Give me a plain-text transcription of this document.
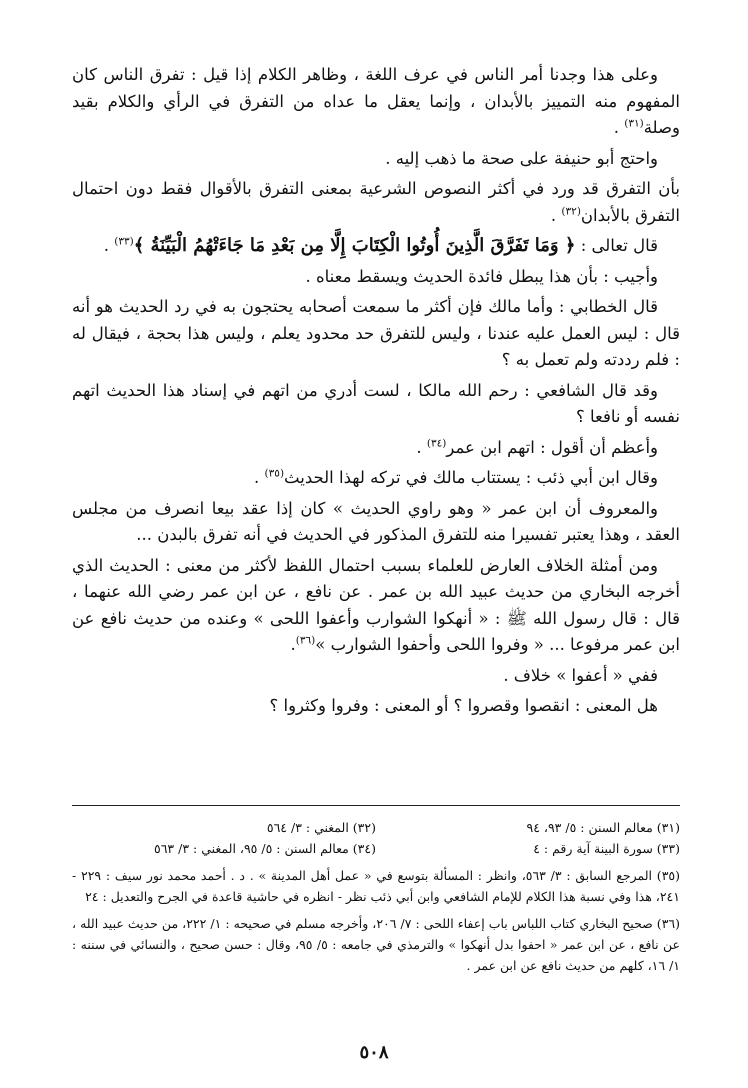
وعلى هذا وجدنا أمر الناس في عرف اللغة ، وظاهر الكلام إذا قيل : تفرق الناس كان المفهوم منه التمييز بالأبدان ، وإنما يعقل ما عداه من التفرق في الرأي والكلام بقيد وصلة$^{(٣١)}$ .

واحتج أبو حنيفة على صحة ما ذهب إليه .

بأن التفرق قد ورد في أكثر النصوص الشرعية بمعنى التفرق بالأقوال فقط دون احتمال التفرق بالأبدان$^{(٣٢)}$ .

قال تعالى : ﴿ وَمَا تَفَرَّقَ الَّذِينَ أُوتُوا الْكِتَابَ إِلَّا مِن بَعْدِ مَا جَاءَتْهُمُ الْبَيِّنَةُ ﴾$^{(٣٣)}$ .

وأجيب : بأن هذا يبطل فائدة الحديث ويسقط معناه .

قال الخطابي : وأما مالك فإن أكثر ما سمعت أصحابه يحتجون به في رد الحديث هو أنه قال : ليس العمل عليه عندنا ، وليس للتفرق حد محدود يعلم ، وليس هذا بحجة ، فيقال له : فلم رددته ولم تعمل به ؟

وقد قال الشافعي : رحم الله مالكا ، لست أدري من اتهم في إسناد هذا الحديث اتهم نفسه أو نافعا ؟

وأعظم أن أقول : اتهم ابن عمر$^{(٣٤)}$ .

وقال ابن أبي ذئب : يستتاب مالك في تركه لهذا الحديث$^{(٣٥)}$ .

والمعروف أن ابن عمر « وهو راوي الحديث » كان إذا عقد بيعا انصرف من مجلس العقد ، وهذا يعتبر تفسيرا منه للتفرق المذكور في الحديث في أنه تفرق بالبدن ...

ومن أمثلة الخلاف العارض للعلماء بسبب احتمال اللفظ لأكثر من معنى : الحديث الذي أخرجه البخاري من حديث عبيد الله بن عمر . عن نافع ، عن ابن عمر رضي الله عنهما ، قال : قال رسول الله ﷺ : « أنهكوا الشوارب وأعفوا اللحى » وعنده من حديث نافع عن ابن عمر مرفوعا ... « وفروا اللحى وأحفوا الشوارب »$^{(٣٦)}$.

ففي « أعفوا » خلاف .

هل المعنى : انقصوا وقصروا ؟ أو المعنى : وفروا وكثروا ؟

(٣١) معالم السنن : ٥/ ٩٣، ٩٤
(٣٢) المغني : ٣/ ٥٦٤
(٣٣) سورة البينة آية رقم : ٤
(٣٤) معالم السنن : ٥/ ٩٥، المغني : ٣/ ٥٦٣

(٣٥) المرجع السابق : ٣/ ٥٦٣، وانظر : المسألة بتوسع في « عمل أهل المدينة » . د . أحمد محمد نور سيف : ٢٢٩ - ٢٤١، هذا وفي نسبة هذا الكلام للإمام الشافعي وابن أبي ذئب نظر - انظره في حاشية قاعدة في الجرح والتعديل : ٢٤

(٣٦) صحيح البخاري كتاب اللباس باب إعفاء اللحى : ٧/ ٢٠٦، وأخرجه مسلم في صحيحه : ١/ ٢٢٢، من حديث عبيد الله ، عن نافع ، عن ابن عمر « احفوا بدل أنهكوا » والترمذي في جامعه : ٥/ ٩٥، وقال : حسن صحيح ، والنسائي في سننه : ١/ ١٦، كلهم من حديث نافع عن ابن عمر .

٥٠٨
